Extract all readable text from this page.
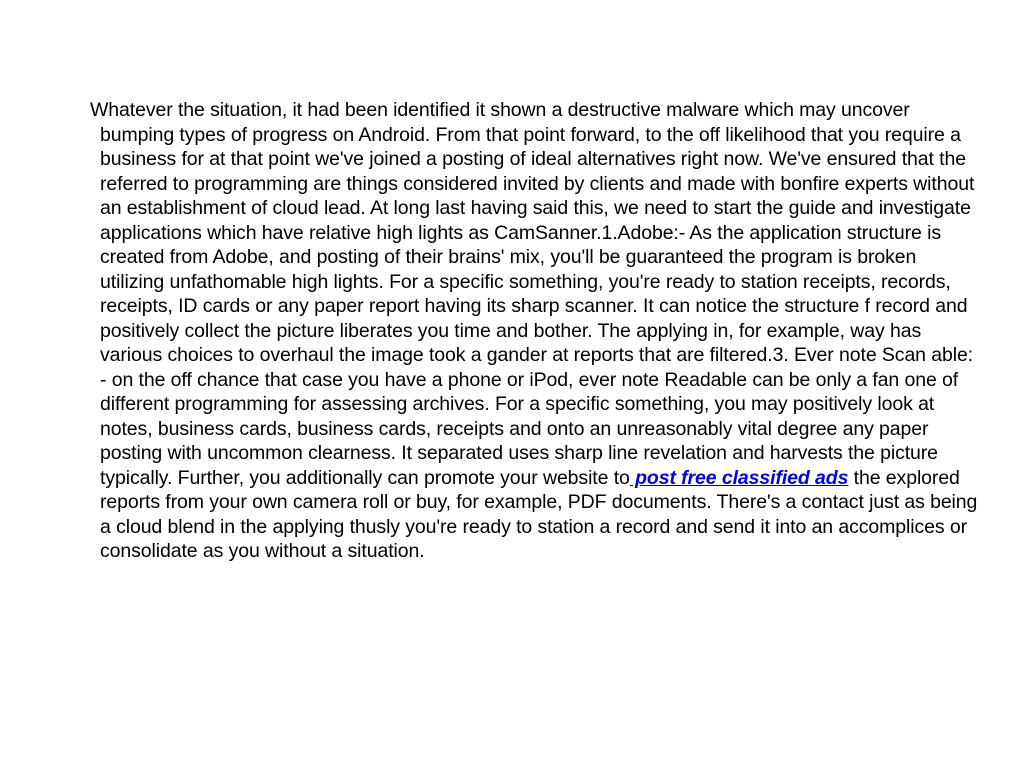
Whatever the situation, it had been identified it shown a destructive malware which may uncover bumping types of progress on Android. From that point forward, to the off likelihood that you require a business for at that point we've joined a posting of ideal alternatives right now. We've ensured that the referred to programming are things considered invited by clients and made with bonfire experts without an establishment of cloud lead. At long last having said this, we need to start the guide and investigate applications which have relative high lights as CamSanner.1.Adobe:- As the application structure is created from Adobe, and posting of their brains' mix, you'll be guaranteed the program is broken utilizing unfathomable high lights. For a specific something, you're ready to station receipts, records, receipts, ID cards or any paper report having its sharp scanner. It can notice the structure f record and positively collect the picture liberates you time and bother. The applying in, for example, way has various choices to overhaul the image took a gander at reports that are filtered.3. Ever note Scan able: - on the off chance that case you have a phone or iPod, ever note Readable can be only a fan one of different programming for assessing archives. For a specific something, you may positively look at notes, business cards, business cards, receipts and onto an unreasonably vital degree any paper posting with uncommon clearness. It separated uses sharp line revelation and harvests the picture typically. Further, you additionally can promote your website to post free classified ads the explored reports from your own camera roll or buy, for example, PDF documents. There's a contact just as being a cloud blend in the applying thusly you're ready to station a record and send it into an accomplices or consolidate as you without a situation.
